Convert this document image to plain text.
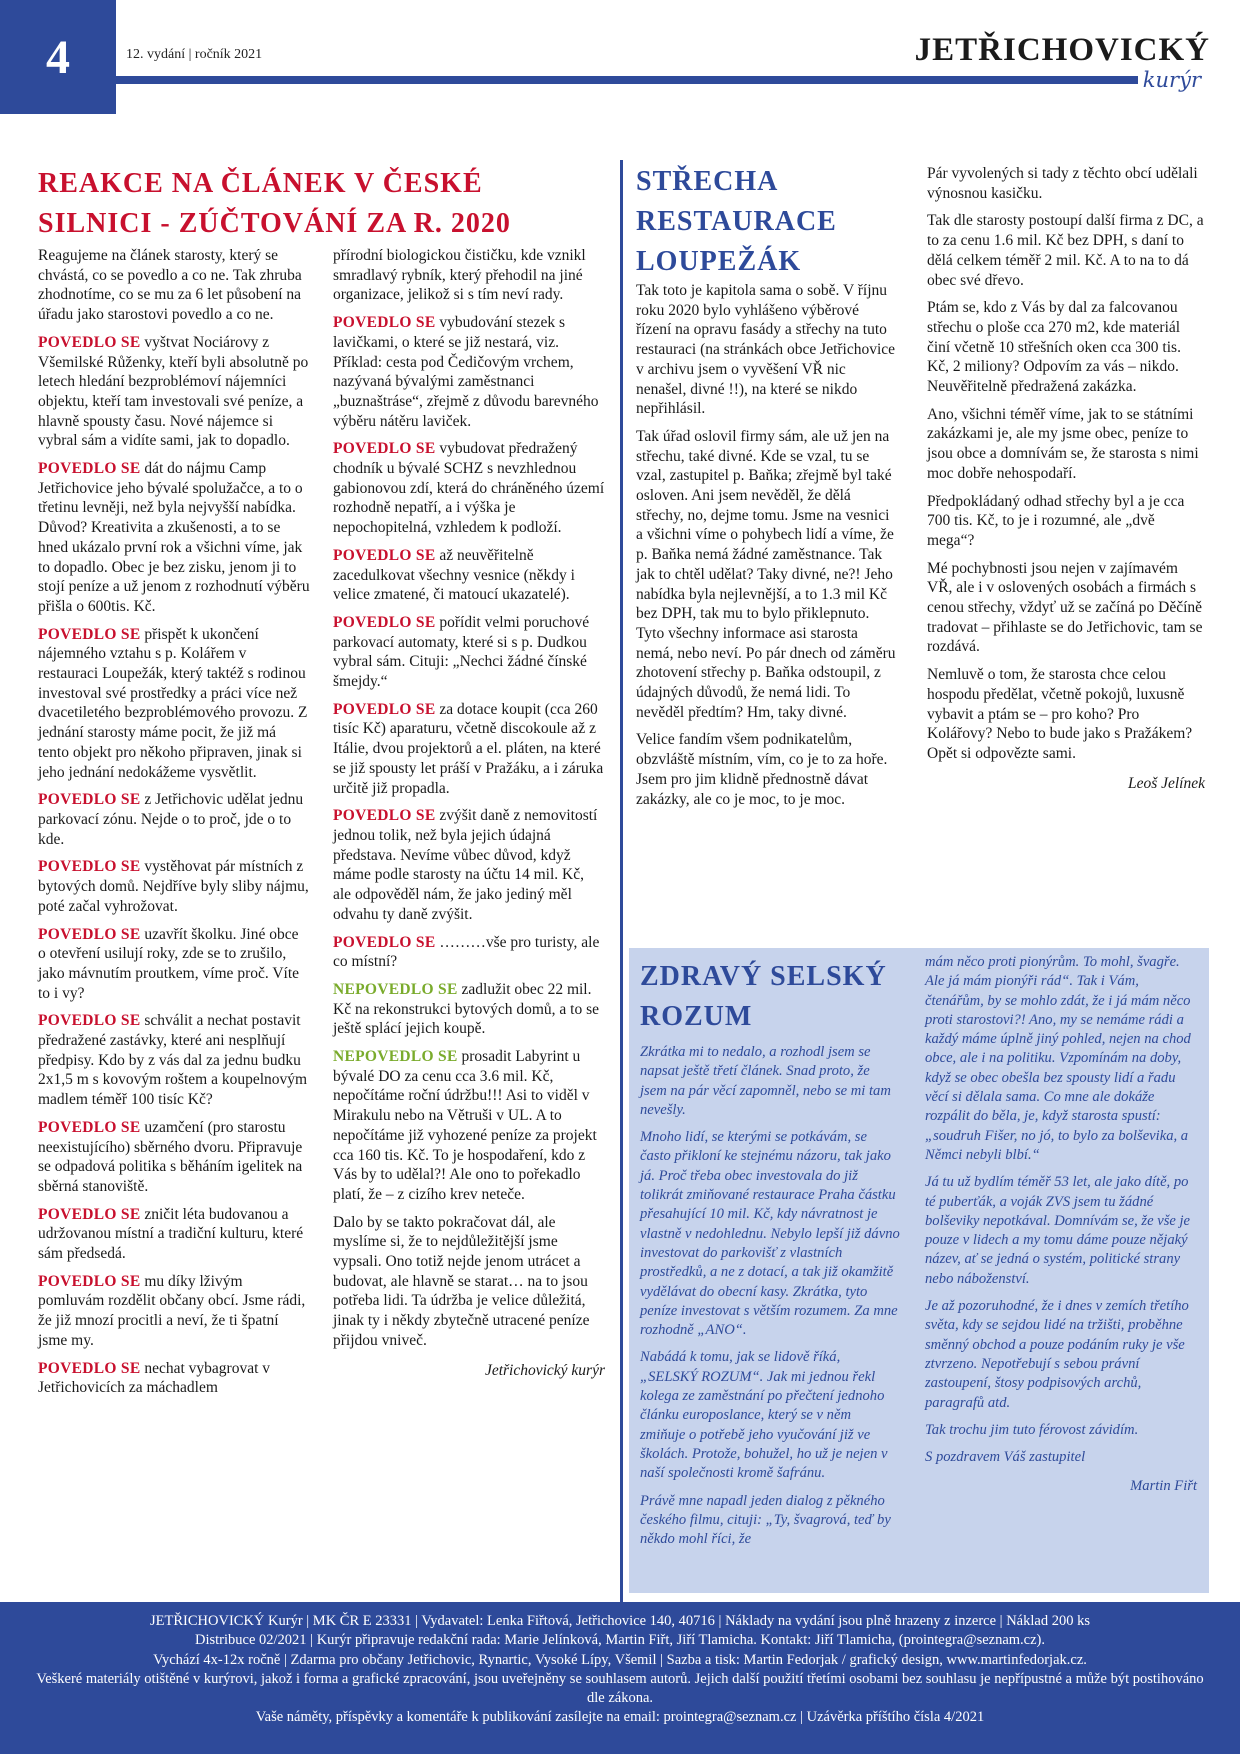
4	12. vydání | ročník 2021	JETŘICHOVICKÝ
kurýr
REAKCE NA ČLÁNEK V ČESKÉ SILNICI - ZÚČTOVÁNÍ ZA R. 2020

Reagujeme na článek starosty, který se chvástá, co se povedlo a co ne. Tak zhruba zhodnotíme, co se mu za 6 let působení na úřadu jako starostovi povedlo a co ne.

POVEDLO SE vyštvat Nociárovy z Všemilské Růženky, kteří byli absolutně po letech hledání bezproblémoví nájemníci objektu, kteří tam investovali své peníze, a hlavně spousty času. Nové nájemce si vybral sám a vidíte sami, jak to dopadlo.

POVEDLO SE dát do nájmu Camp Jetřichovice jeho bývalé spolužačce, a to o třetinu levněji, než byla nejvyšší nabídka. Důvod? Kreativita a zkušenosti, a to se hned ukázalo první rok a všichni víme, jak to dopadlo. Obec je bez zisku, jenom ji to stojí peníze a už jenom z rozhodnutí výběru přišla o 600tis. Kč.

POVEDLO SE přispět k ukončení nájemného vztahu s p. Kolářem v restauraci Loupežák, který taktéž s rodinou investoval své prostředky a práci více než dvacetiletého bezproblémového provozu. Z jednání starosty máme pocit, že již má tento objekt pro někoho připraven, jinak si jeho jednání nedokážeme vysvětlit.

POVEDLO SE z Jetřichovic udělat jednu parkovací zónu. Nejde o to proč, jde o to kde.

POVEDLO SE vystěhovat pár místních z bytových domů. Nejdříve byly sliby nájmu, poté začal vyhrožovat.

POVEDLO SE uzavřít školku. Jiné obce o otevření usilují roky, zde se to zrušilo, jako mávnutím proutkem, víme proč. Víte to i vy?

POVEDLO SE schválit a nechat postavit předražené zastávky, které ani nesplňují předpisy. Kdo by z vás dal za jednu budku 2x1,5 m s kovovým roštem a koupelnovým madlem téměř 100 tisíc Kč?

POVEDLO SE uzamčení (pro starostu neexistujícího) sběrného dvoru. Připravuje se odpadová politika s běháním igelitek na sběrná stanoviště.

POVEDLO SE zničit léta budovanou a udržovanou místní a tradiční kulturu, které sám předsedá.

POVEDLO SE mu díky lživým pomluvám rozdělit občany obcí. Jsme rádi, že již mnozí procitli a neví, že ti špatní jsme my.

POVEDLO SE nechat vybagrovat v Jetřichovicích za máchadlem

přírodní biologickou čističku, kde vznikl smradlavý rybník, který přehodil na jiné organizace, jelikož si s tím neví rady.

POVEDLO SE vybudování stezek s lavičkami, o které se již nestará, viz. Příklad: cesta pod Čedičovým vrchem, nazývaná bývalými zaměstnanci „buznaštráse“, zřejmě z důvodu barevného výběru nátěru laviček.

POVEDLO SE vybudovat předražený chodník u bývalé SCHZ s nevzhlednou gabionovou zdí, která do chráněného území rozhodně nepatří, a i výška je nepochopitelná, vzhledem k podloží.

POVEDLO SE až neuvěřitelně zacedulkovat všechny vesnice (někdy i velice zmatené, či matoucí ukazatelé).

POVEDLO SE pořídit velmi poruchové parkovací automaty, které si s p. Dudkou vybral sám. Cituji: „Nechci žádné čínské šmejdy.“

POVEDLO SE za dotace koupit (cca 260 tisíc Kč) aparaturu, včetně discokoule až z Itálie, dvou projektorů a el. pláten, na které se již spousty let práší v Pražáku, a i záruka určitě již propadla.

POVEDLO SE zvýšit daně z nemovitostí jednou tolik, než byla jejich údajná představa. Nevíme vůbec důvod, když máme podle starosty na účtu 14 mil. Kč, ale odpověděl nám, že jako jediný měl odvahu ty daně zvýšit.

POVEDLO SE ………vše pro turisty, ale co místní?

NEPOVEDLO SE zadlužit obec 22 mil. Kč na rekonstrukci bytových domů, a to se ještě splácí jejich koupě.

NEPOVEDLO SE prosadit Labyrint u bývalé DO za cenu cca 3.6 mil. Kč, nepočítáme roční údržbu!!! Asi to viděl v Mirakulu nebo na Větruši v UL. A to nepočítáme již vyhozené peníze za projekt cca 160 tis. Kč. To je hospodaření, kdo z Vás by to udělal?! Ale ono to pořekadlo platí, že – z cizího krev neteče.

Dalo by se takto pokračovat dál, ale myslíme si, že to nejdůležitější jsme vypsali. Ono totiž nejde jenom utrácet a budovat, ale hlavně se starat… na to jsou potřeba lidi. Ta údržba je velice důležitá, jinak ty i někdy zbytečně utracené peníze přijdou vniveč.

Jetřichovický kurýr

STŘECHA RESTAURACE LOUPEŽÁK

Tak toto je kapitola sama o sobě. V říjnu roku 2020 bylo vyhlášeno výběrové řízení na opravu fasády a střechy na tuto restauraci (na stránkách obce Jetřichovice v archivu jsem o vyvěšení VŘ nic nenašel, divné !!), na které se nikdo nepřihlásil.

Tak úřad oslovil firmy sám, ale už jen na střechu, také divné. Kde se vzal, tu se vzal, zastupitel p. Baňka; zřejmě byl také osloven. Ani jsem nevěděl, že dělá střechy, no, dejme tomu. Jsme na vesnici a všichni víme o pohybech lidí a víme, že p. Baňka nemá žádné zaměstnance. Tak jak to chtěl udělat? Taky divné, ne?! Jeho nabídka byla nejlevnější, a to 1.3 mil Kč bez DPH, tak mu to bylo přiklepnuto. Tyto všechny informace asi starosta nemá, nebo neví. Po pár dnech od záměru zhotovení střechy p. Baňka odstoupil, z údajných důvodů, že nemá lidi. To nevěděl předtím? Hm, taky divné.

Velice fandím všem podnikatelům, obzvláště místním, vím, co je to za hoře. Jsem pro jim klidně přednostně dávat zakázky, ale co je moc, to je moc.

Pár vyvolených si tady z těchto obcí udělali výnosnou kasičku.

Tak dle starosty postoupí další firma z DC, a to za cenu 1.6 mil. Kč bez DPH, s daní to dělá celkem téměř 2 mil. Kč. A to na to dá obec své dřevo.

Ptám se, kdo z Vás by dal za falcovanou střechu o ploše cca 270 m2, kde materiál činí včetně 10 střešních oken cca 300 tis. Kč, 2 miliony? Odpovím za vás – nikdo. Neuvěřitelně předražená zakázka.

Ano, všichni téměř víme, jak to se státními zakázkami je, ale my jsme obec, peníze to jsou obce a domnívám se, že starosta s nimi moc dobře nehospodaří.

Předpokládaný odhad střechy byl a je cca 700 tis. Kč, to je i rozumné, ale „dvě mega“?

Mé pochybnosti jsou nejen v zajímavém VŘ, ale i v oslovených osobách a firmách s cenou střechy, vždyť už se začíná po Děčíně tradovat – přihlaste se do Jetřichovic, tam se rozdává.

Nemluvě o tom, že starosta chce celou hospodu předělat, včetně pokojů, luxusně vybavit a ptám se – pro koho? Pro Kolářovy? Nebo to bude jako s Pražákem? Opět si odpovězte sami.

Leoš Jelínek

ZDRAVÝ SELSKÝ ROZUM

Zkrátka mi to nedalo, a rozhodl jsem se napsat ještě třetí článek. Snad proto, že jsem na pár věcí zapomněl, nebo se mi tam nevešly.

Mnoho lidí, se kterými se potkávám, se často přikloní ke stejnému názoru, tak jako já. Proč třeba obec investovala do již tolikrát zmiňované restaurace Praha částku přesahující 10 mil. Kč, kdy návratnost je vlastně v nedohlednu. Nebylo lepší již dávno investovat do parkovišť z vlastních prostředků, a ne z dotací, a tak již okamžitě vydělávat do obecní kasy. Zkrátka, tyto peníze investovat s větším rozumem. Za mne rozhodně „ANO“.

Nabádá k tomu, jak se lidově říká, „SELSKÝ ROZUM“. Jak mi jednou řekl kolega ze zaměstnání po přečtení jednoho článku europoslance, který se v něm zmiňuje o potřebě jeho vyučování již ve školách. Protože, bohužel, ho už je nejen v naší společnosti kromě šafránu.

Právě mne napadl jeden dialog z pěkného českého filmu, cituji: „Ty, švagrová, teď by někdo mohl říci, že

mám něco proti pionýrům. To mohl, švagře. Ale já mám pionýři rád“. Tak i Vám, čtenářům, by se mohlo zdát, že i já mám něco proti starostovi?! Ano, my se nemáme rádi a každý máme úplně jiný pohled, nejen na chod obce, ale i na politiku. Vzpomínám na doby, když se obec obešla bez spousty lidí a řadu věcí si dělala sama. Co mne ale dokáže rozpálit do běla, je, když starosta spustí: „soudruh Fišer, no jó, to bylo za bolševika, a Němci nebyli blbí.“

Já tu už bydlím téměř 53 let, ale jako dítě, po té puberťák, a voják ZVS jsem tu žádné bolševiky nepotkával. Domnívám se, že vše je pouze v lidech a my tomu dáme pouze nějaký název, ať se jedná o systém, politické strany nebo náboženství.

Je až pozoruhodné, že i dnes v zemích třetího světa, kdy se sejdou lidé na tržišti, proběhne směnný obchod a pouze podáním ruky je vše ztvrzeno. Nepotřebují s sebou právní zastoupení, štosy podpisových archů, paragrafů atd.

Tak trochu jim tuto férovost závidím.

S pozdravem Váš zastupitel

Martin Fiřt

JETŘICHOVICKÝ Kurýr | MK ČR E 23331 | Vydavatel: Lenka Fiřtová, Jetřichovice 140, 40716 | Náklady na vydání jsou plně hrazeny z inzerce | Náklad 200 ks
Distribuce 02/2021 | Kurýr připravuje redakční rada: Marie Jelínková, Martin Fiřt, Jiří Tlamicha. Kontakt: Jiří Tlamicha, (prointegra@seznam.cz).
Vychází 4x-12x ročně | Zdarma pro občany Jetřichovic, Rynartic, Vysoké Lípy, Všemil | Sazba a tisk: Martin Fedorjak / grafický design, www.martinfedorjak.cz.
Veškeré materiály otištěné v kurýrovi, jakož i forma a grafické zpracování, jsou uveřejněny se souhlasem autorů. Jejich další použití třetími osobami bez souhlasu je nepřípustné a může být postihováno dle zákona.
Vaše náměty, příspěvky a komentáře k publikování zasílejte na email: prointegra@seznam.cz | Uzávěrka příštího čísla 4/2021
